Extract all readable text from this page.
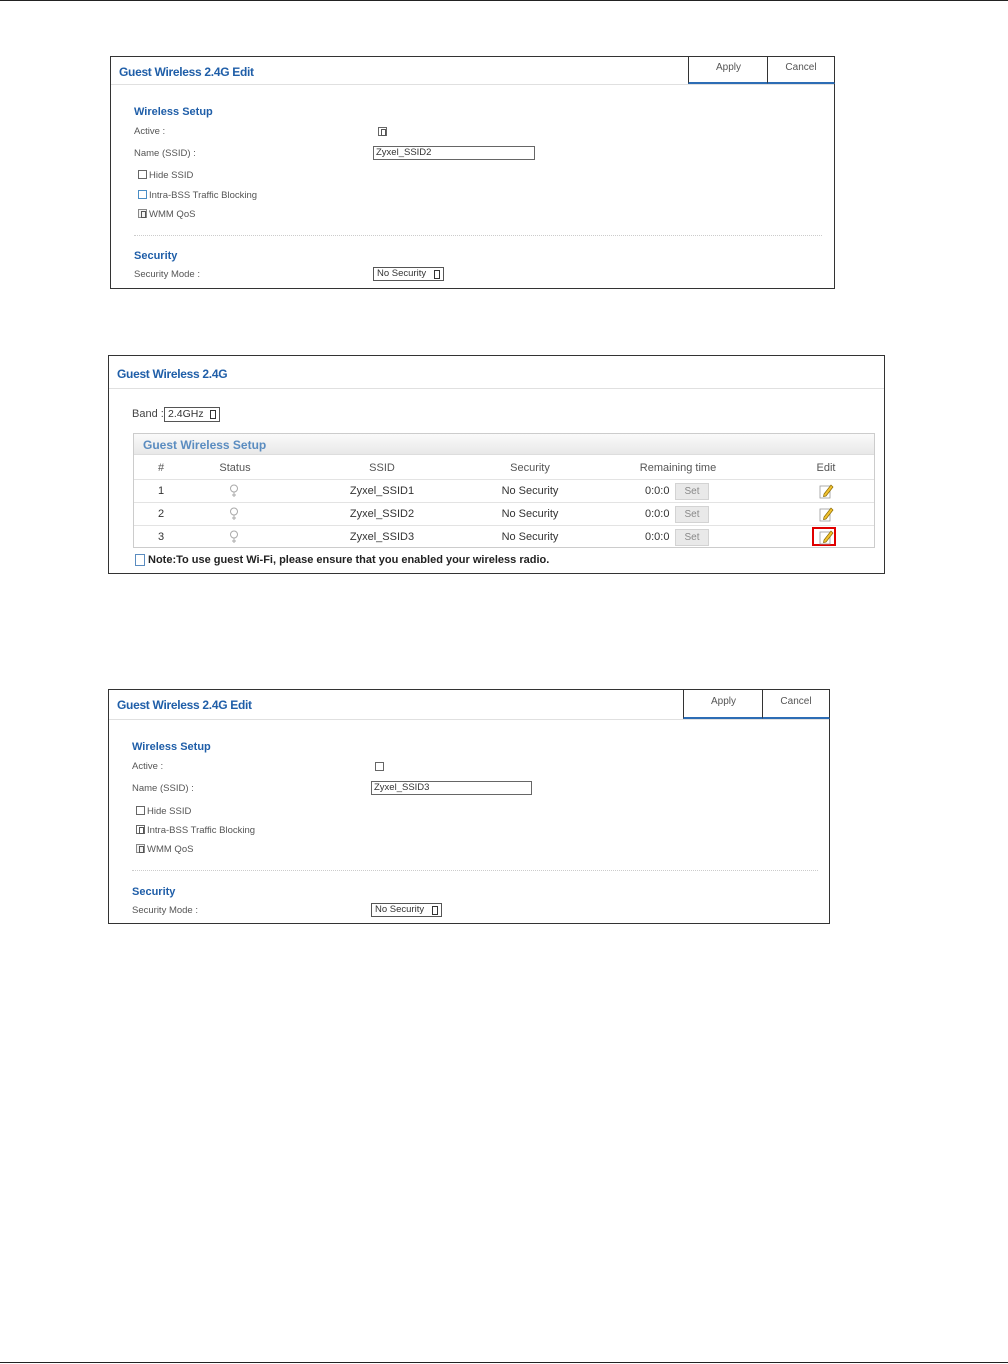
Guest Wireless 2.4G Edit	Apply	Cancel
Wireless Setup
Active :
Name (SSID) :	Zyxel_SSID2
Hide SSID
Intra-BSS Traffic Blocking
WMM QoS
Security
Security Mode :	No Security
Guest Wireless 2.4G
Band : 2.4GHz
Guest Wireless Setup
#	Status	SSID	Security	Remaining time	Edit
1	Zyxel_SSID1	No Security	0:0:0	Set
2	Zyxel_SSID2	No Security	0:0:0	Set
3	Zyxel_SSID3	No Security	0:0:0	Set
Note:To use guest Wi-Fi, please ensure that you enabled your wireless radio.
Guest Wireless 2.4G Edit	Apply	Cancel
Wireless Setup
Active :
Name (SSID) :	Zyxel_SSID3
Hide SSID
Intra-BSS Traffic Blocking
WMM QoS
Security
Security Mode :	No Security
